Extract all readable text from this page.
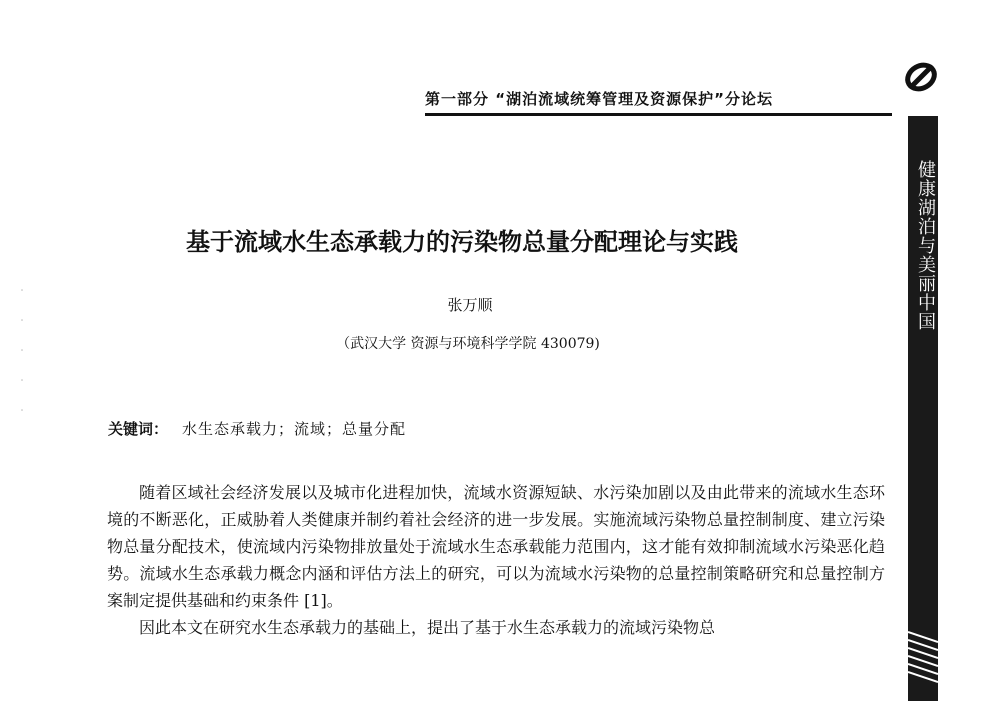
第一部分 “湖泊流域统筹管理及资源保护”分论坛
健康湖泊与美丽中国
基于流域水生态承载力的污染物总量分配理论与实践
张万顺
（武汉大学 资源与环境科学学院 430079)
关键词： 水生态承载力；流域；总量分配

随着区域社会经济发展以及城市化进程加快，流域水资源短缺、水污染加剧以及由此带来的流域水生态环境的不断恶化，正威胁着人类健康并制约着社会经济的进一步发展。实施流域污染物总量控制制度、建立污染物总量分配技术，使流域内污染物排放量处于流域水生态承载能力范围内，这才能有效抑制流域水污染恶化趋势。流域水生态承载力概念内涵和评估方法上的研究，可以为流域水污染物的总量控制策略研究和总量控制方案制定提供基础和约束条件 [1]。

因此本文在研究水生态承载力的基础上，提出了基于水生态承载力的流域污染物总
